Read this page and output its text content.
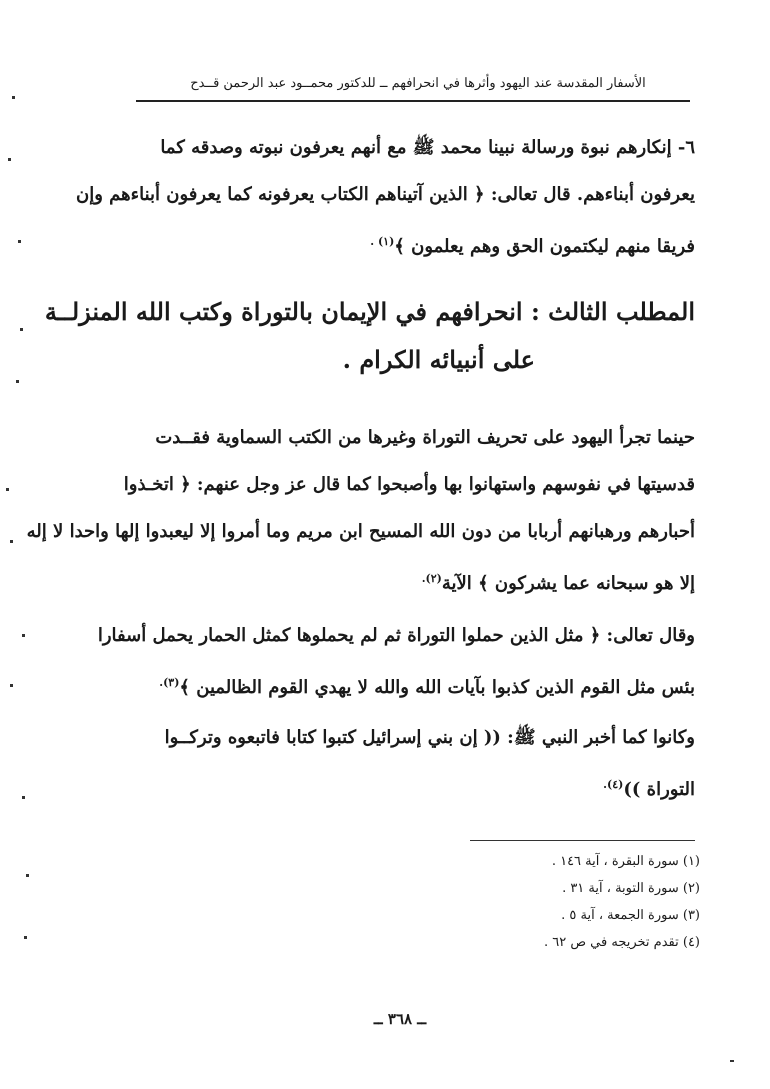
الأسفار المقدسة عند اليهود وأثرها في انحرافهم ــ للدكتور محمــود عبد الرحمن قــدح
٦- إنكارهم نبوة ورسالة نبينا محمد ﷺ مع أنهم يعرفون نبوته وصدقه كما
يعرفون أبناءهم. قال تعالى: ﴿ الذين آتيناهم الكتاب يعرفونه كما يعرفون أبناءهم وإن
فريقا منهم ليكتمون الحق وهم يعلمون ﴾$^{(١) .}$
المطلب الثالث : انحرافهم في الإيمان بالتوراة وكتب الله المنزلــة
على أنبيائه الكرام .
حينما تجرأ اليهود على تحريف التوراة وغيرها من الكتب السماوية فقــدت
قدسيتها في نفوسهم واستهانوا بها وأصبحوا كما قال عز وجل عنهم: ﴿ اتخـذوا
أحبارهم ورهبانهم أربابا من دون الله المسيح ابن مريم وما أمروا إلا ليعبدوا إلها واحدا لا إله
إلا هو سبحانه عما يشركون ﴾ الآية$^{(٢).}$
وقال تعالى: ﴿ مثل الذين حملوا التوراة ثم لم يحملوها كمثل الحمار يحمل أسفارا
بئس مثل القوم الذين كذبوا بآيات الله والله لا يهدي القوم الظالمين ﴾$^{(٣).}$
وكانوا كما أخبر النبي ﷺ: (( إن بني إسرائيل كتبوا كتابا فاتبعوه وتركــوا
التوراة ))$^{(٤).}$
(١) سورة البقرة ، آية ١٤٦ .
(٢) سورة التوبة ، آية ٣١ .
(٣) سورة الجمعة ، آية ٥ .
(٤) تقدم تخريجه في ص ٦٢ .
ــ ٣٦٨ ــ
